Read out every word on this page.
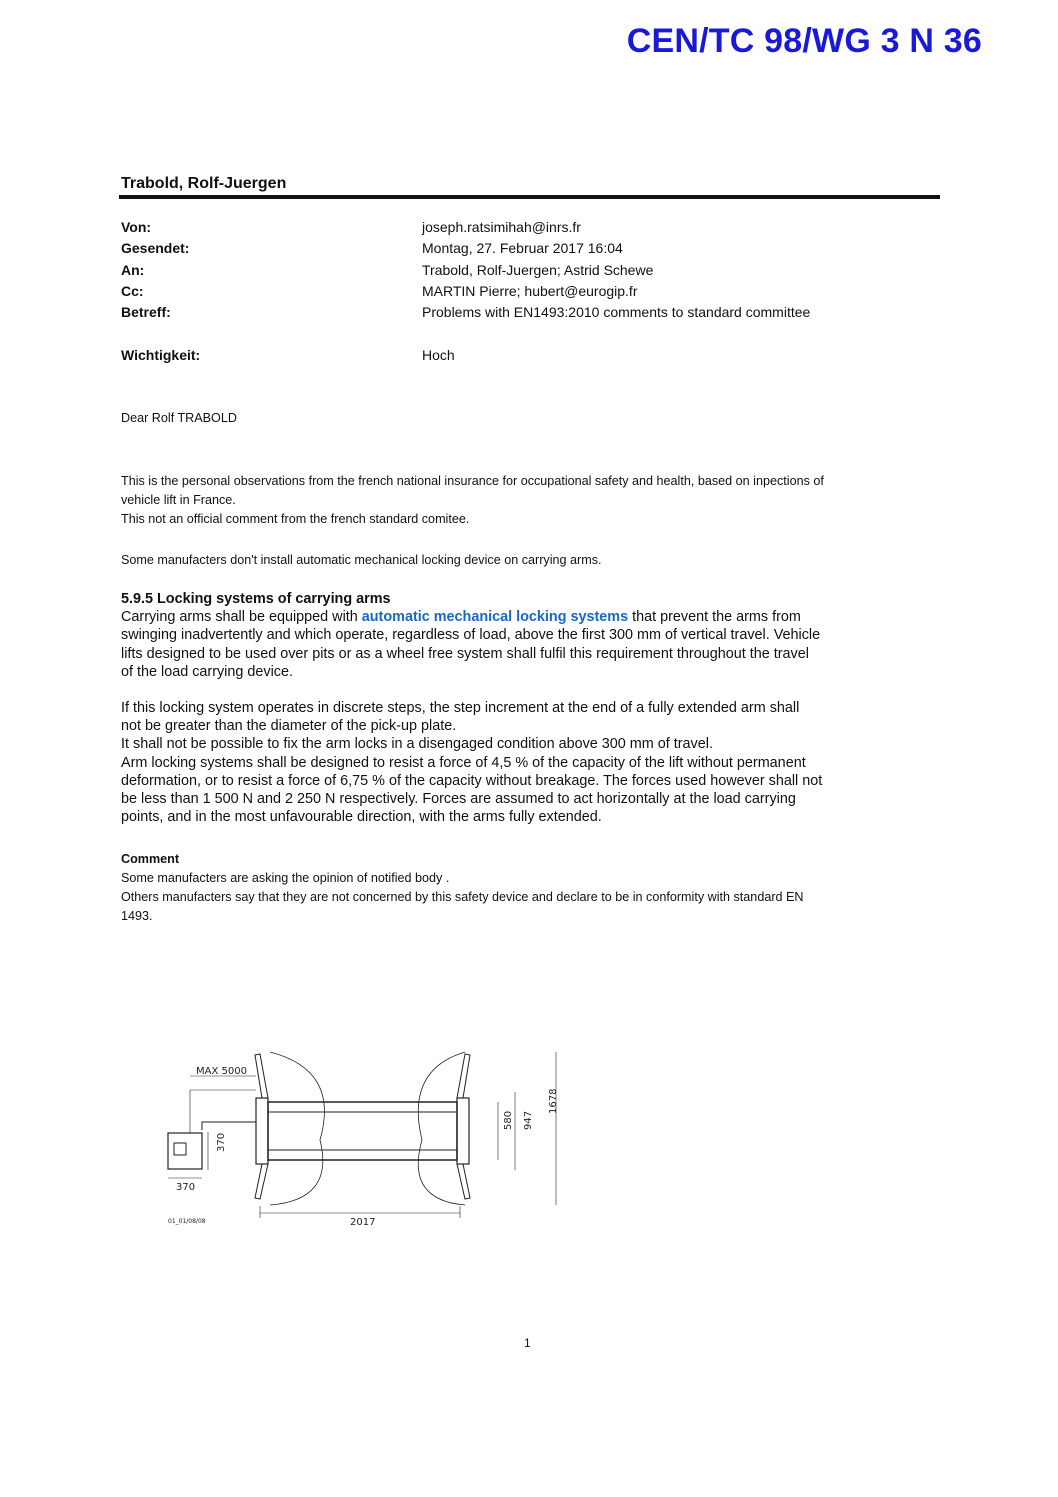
CEN/TC 98/WG 3 N 36
Trabold, Rolf-Juergen
Von:	joseph.ratsimihah@inrs.fr
Gesendet:	Montag, 27. Februar 2017 16:04
An:	Trabold, Rolf-Juergen; Astrid Schewe
Cc:	MARTIN Pierre; hubert@eurogip.fr
Betreff:	Problems with EN1493:2010 comments to standard committee
Wichtigkeit:	Hoch
Dear Rolf TRABOLD
This is the personal observations from the french national insurance for occupational safety and health, based on inpections of
vehicle lift in France.
This not an official comment from the french standard comitee.
Some manufacters don't install automatic mechanical locking device on carrying arms.

5.9.5 Locking systems of carrying arms

Carrying arms shall be equipped with automatic mechanical locking systems that prevent the arms from

swinging inadvertently and which operate, regardless of load, above the first 300 mm of vertical travel. Vehicle

lifts designed to be used over pits or as a wheel free system shall fulfil this requirement throughout the travel

of the load carrying device.

If this locking system operates in discrete steps, the step increment at the end of a fully extended arm shall

not be greater than the diameter of the pick-up plate.

It shall not be possible to fix the arm locks in a disengaged condition above 300 mm of travel.

Arm locking systems shall be designed to resist a force of 4,5 % of the capacity of the lift without permanent

deformation, or to resist a force of 6,75 % of the capacity without breakage. The forces used however shall not

be less than 1 500 N and 2 250 N respectively. Forces are assumed to act horizontally at the load carrying

points, and in the most unfavourable direction, with the arms fully extended.

Comment
Some manufacters are asking the opinion of notified body .
Others manufacters say that they are not concerned by this safety device and declare to be in conformity with standard EN
1493.
MAX 5000
370
370
580 947
1678
2017
01_01/08/08
1
